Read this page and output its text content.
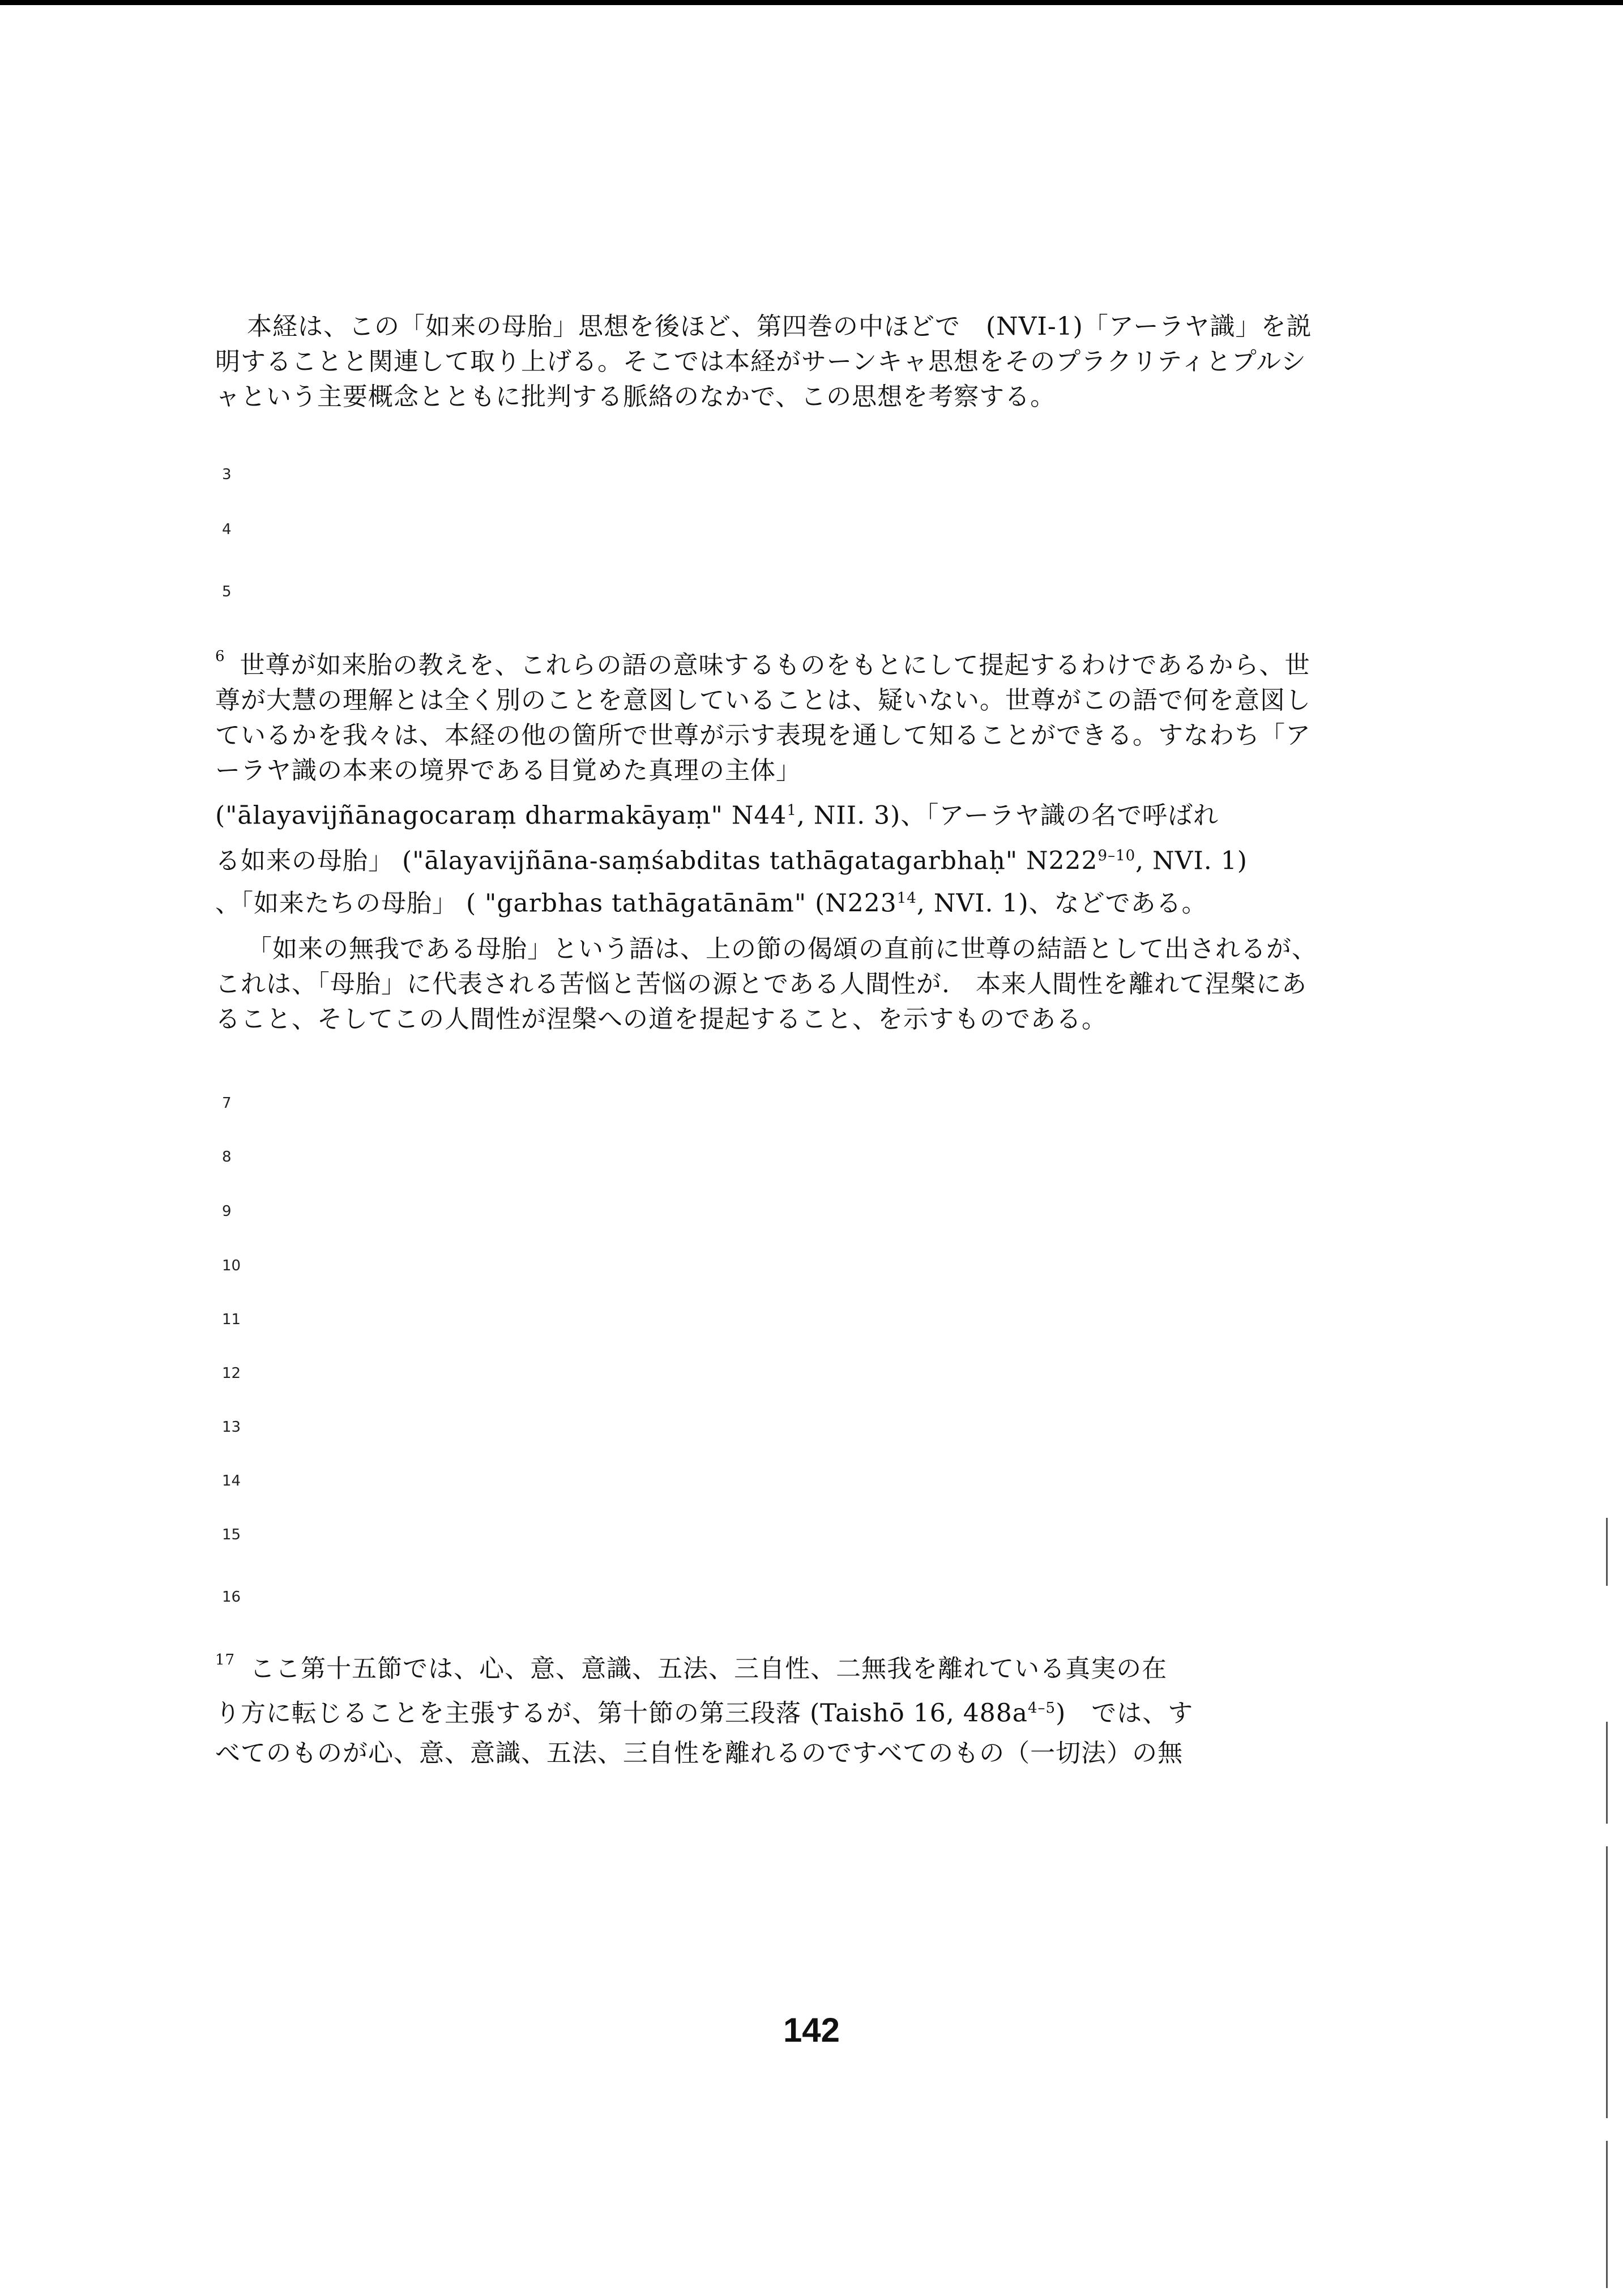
本経は、この「如来の母胎」思想を後ほど、第四巻の中ほどで　(NVI-1)「アーラヤ識」を説明することと関連して取り上げる。そこでは本経がサーンキャ思想をそのプラクリティとプルシャという主要概念とともに批判する脈絡のなかで、この思想を考察する。

3
4
5

$^6$ 世尊が如来胎の教えを、これらの語の意味するものをもとにして提起するわけであるから、世尊が大慧の理解とは全く別のことを意図していることは、疑いない。世尊がこの語で何を意図しているかを我々は、本経の他の箇所で世尊が示す表現を通して知ることができる。すなわち「アーラヤ識の本来の境界である目覚めた真理の主体」

("ālayavijñānagocaraṃ dharmakāyaṃ" $N44^1$, NII. 3)、「アーラヤ識の名で呼ばれ
る如来の母胎」 ("ālayavijñāna-saṃśabditas tathāgatagarbhaḥ" N222$^{9-10}$, NVI. 1)
、「如来たちの母胎」 ( "garbhas tathāgatānām" ($N223^{14}$, NVI. 1)、などである。

「如来の無我である母胎」という語は、上の節の偈頌の直前に世尊の結語として出されるが、これは、「母胎」に代表される苦悩と苦悩の源とである人間性が.　本来人間性を離れて涅槃にあること、そしてこの人間性が涅槃への道を提起すること、を示すものである。

7
8
9
10
11
12
13
14
15
16
$^{17}$ ここ第十五節では、心、意、意識、五法、三自性、二無我を離れている真実の在
り方に転じることを主張するが、第十節の第三段落 (Taishō 16, $488a^{4-5}$)　では、す
べてのものが心、意、意識、五法、三自性を離れるのですべてのもの（一切法）の無
142
